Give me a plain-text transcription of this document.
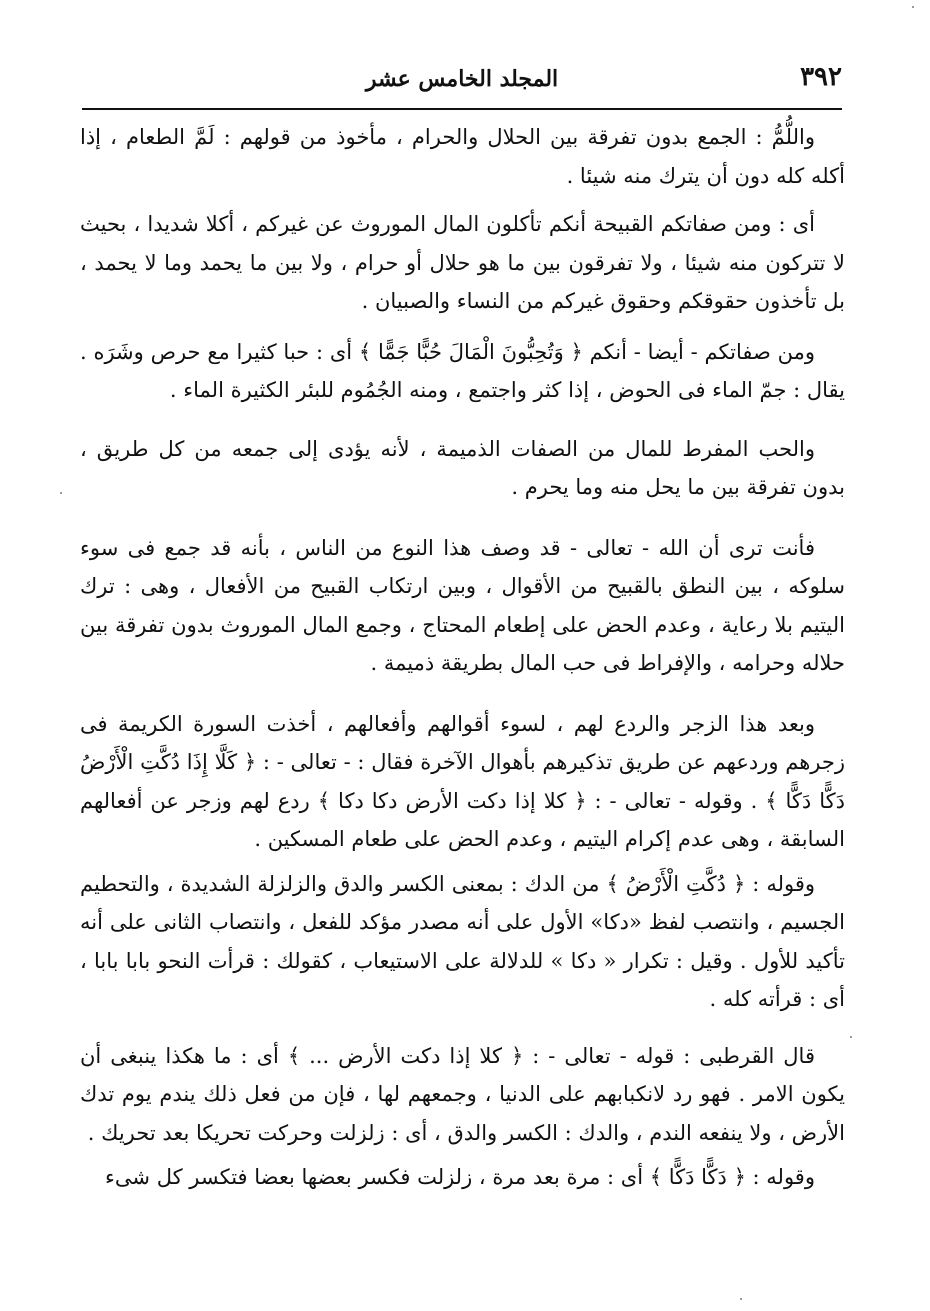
٣٩٢
المجلد الخامس عشر

واللُّمُّ : الجمع بدون تفرقة بين الحلال والحرام ، مأخوذ من قولهم : لَمَّ الطعام ، إذا أكله كله دون أن يترك منه شيئا .

أى : ومن صفاتكم القبيحة أنكم تأكلون المال الموروث عن غيركم ، أكلا شديدا ، بحيث لا تتركون منه شيئا ، ولا تفرقون بين ما هو حلال أو حرام ، ولا بين ما يحمد وما لا يحمد ، بل تأخذون حقوقكم وحقوق غيركم من النساء والصبيان .

ومن صفاتكم - أيضا - أنكم ﴿ وَتُحِبُّونَ الْمَالَ حُبًّا جَمًّا ﴾ أى : حبا كثيرا مع حرص وشَرَه . يقال : جمّ الماء فى الحوض ، إذا كثر واجتمع ، ومنه الجُمُوم للبئر الكثيرة الماء .

والحب المفرط للمال من الصفات الذميمة ، لأنه يؤدى إلى جمعه من كل طريق ، بدون تفرقة بين ما يحل منه وما يحرم .

فأنت ترى أن الله - تعالى - قد وصف هذا النوع من الناس ، بأنه قد جمع فى سوء سلوكه ، بين النطق بالقبيح من الأقوال ، وبين ارتكاب القبيح من الأفعال ، وهى : ترك اليتيم بلا رعاية ، وعدم الحض على إطعام المحتاج ، وجمع المال الموروث بدون تفرقة بين حلاله وحرامه ، والإفراط فى حب المال بطريقة ذميمة .

وبعد هذا الزجر والردع لهم ، لسوء أقوالهم وأفعالهم ، أخذت السورة الكريمة فى زجرهم وردعهم عن طريق تذكيرهم بأهوال الآخرة فقال : - تعالى - : ﴿ كَلَّا إِذَا دُكَّتِ الْأَرْضُ دَكًّا دَكًّا ﴾ . وقوله - تعالى - : ﴿ كلا إذا دكت الأرض دكا دكا ﴾ ردع لهم وزجر عن أفعالهم السابقة ، وهى عدم إكرام اليتيم ، وعدم الحض على طعام المسكين .

وقوله : ﴿ دُكَّتِ الْأَرْضُ ﴾ من الدك : بمعنى الكسر والدق والزلزلة الشديدة ، والتحطيم الجسيم ، وانتصب لفظ «دكا» الأول على أنه مصدر مؤكد للفعل ، وانتصاب الثانى على أنه تأكيد للأول . وقيل : تكرار « دكا » للدلالة على الاستيعاب ، كقولك : قرأت النحو بابا بابا ، أى : قرأته كله .

قال القرطبى : قوله - تعالى - : ﴿ كلا إذا دكت الأرض ... ﴾ أى : ما هكذا ينبغى أن يكون الامر . فهو رد لانكبابهم على الدنيا ، وجمعهم لها ، فإن من فعل ذلك يندم يوم تدك الأرض ، ولا ينفعه الندم ، والدك : الكسر والدق ، أى : زلزلت وحركت تحريكا بعد تحريك .

وقوله : ﴿ دَكًّا دَكًّا ﴾ أى : مرة بعد مرة ، زلزلت فكسر بعضها بعضا فتكسر كل شىء
